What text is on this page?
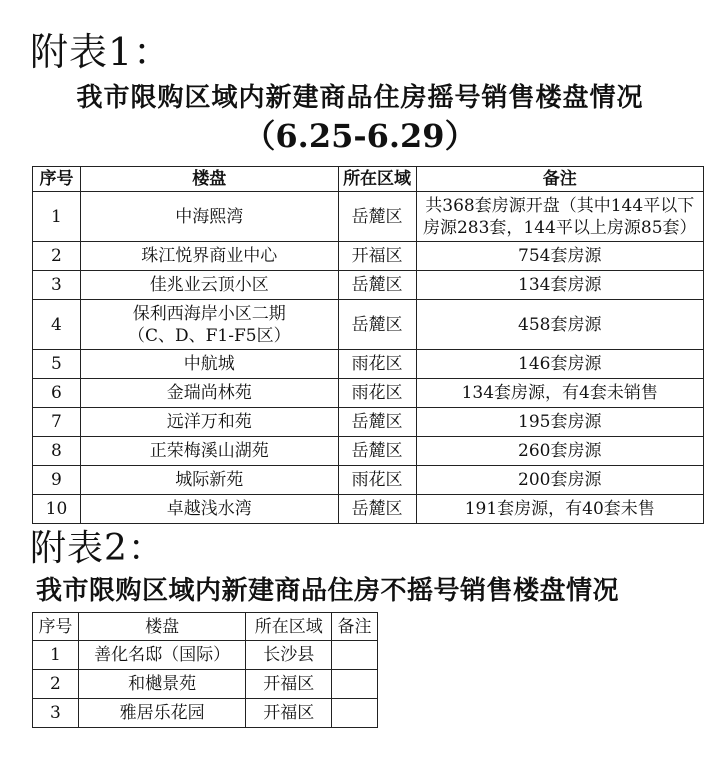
附表1：
我市限购区域内新建商品住房摇号销售楼盘情况
（6.25-6.29）
序号	楼盘	所在区域	备注
1	中海熙湾	岳麓区	共368套房源开盘（其中144平以下房源283套，144平以上房源85套）
2	珠江悦界商业中心	开福区	754套房源
3	佳兆业云顶小区	岳麓区	134套房源
4	保利西海岸小区二期（C、D、F1-F5区）	岳麓区	458套房源
5	中航城	雨花区	146套房源
6	金瑞尚林苑	雨花区	134套房源，有4套未销售
7	远洋万和苑	岳麓区	195套房源
8	正荣梅溪山湖苑	岳麓区	260套房源
9	城际新苑	雨花区	200套房源
10	卓越浅水湾	岳麓区	191套房源，有40套未售
附表2：
我市限购区域内新建商品住房不摇号销售楼盘情况
序号	楼盘	所在区域	备注
1	善化名邸（国际）	长沙县	
2	和樾景苑	开福区	
3	雅居乐花园	开福区	
